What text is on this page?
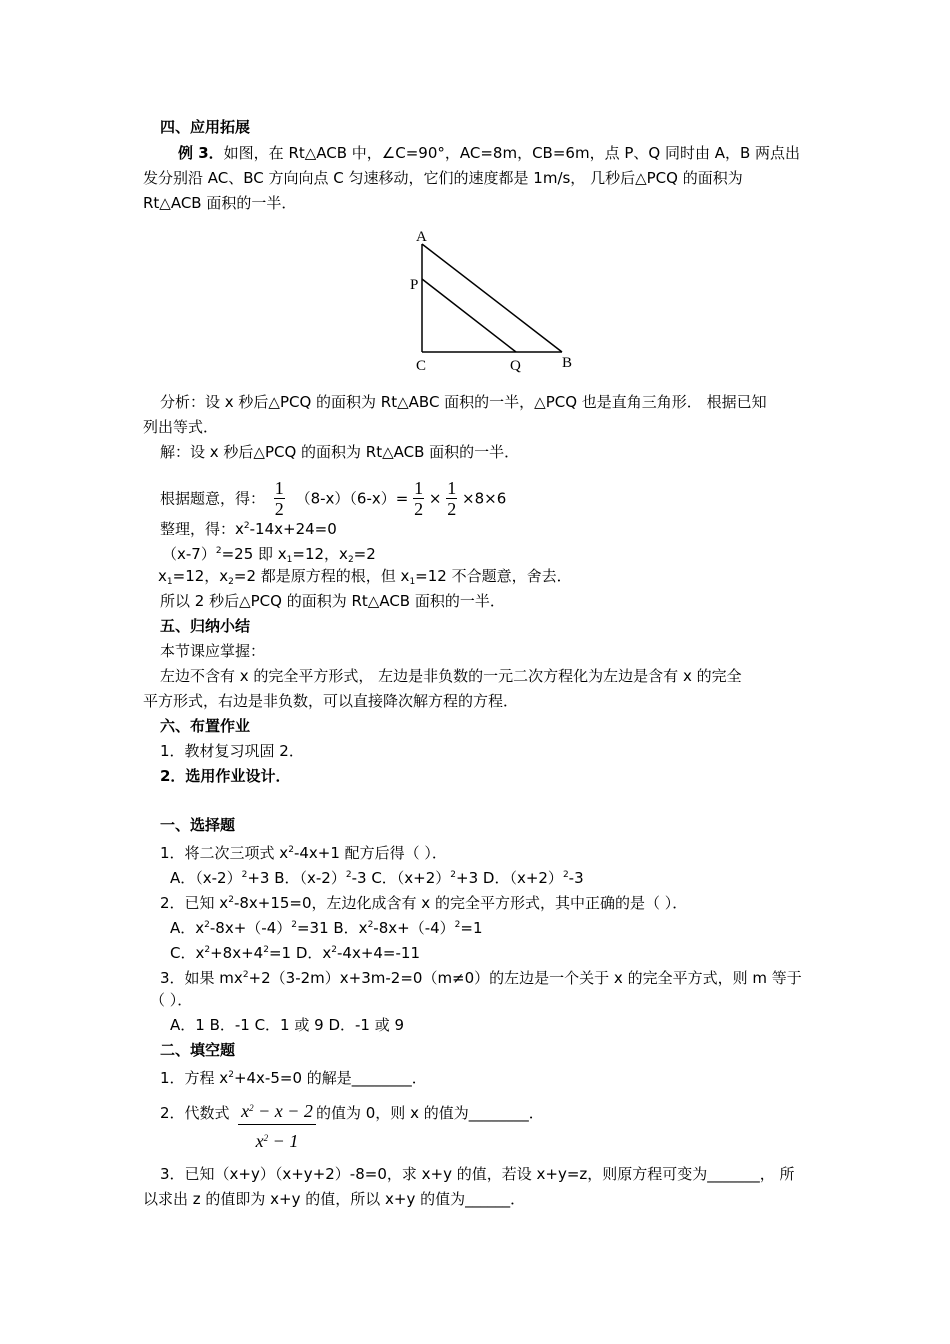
四、应用拓展
例 3．如图，在 Rt△ACB 中，∠C=90°，AC=8m，CB=6m，点 P、Q 同时由 A，B 两点出
发分别沿 AC、BC 方向向点 C 匀速移动，它们的速度都是 1m/s， 几秒后△PCQ 的面积为
Rt△ACB 面积的一半．
A
P
C	Q	B
分析：设 x 秒后△PCQ 的面积为 Rt△ABC 面积的一半，△PCQ 也是直角三角形． 根据已知
列出等式．
解：设 x 秒后△PCQ 的面积为 Rt△ACB 面积的一半．
根据题意，得： $\frac{1}{2} (8-x)(6-x)= \frac{1}{2} \times \frac{1}{2} \times 8\times 6$
整理，得：$x^2-14x+24=0$
$(x-7)^2=25$ 即 $x_1=12$，$x_2=2$
$x_1=12$，$x_2=2$ 都是原方程的根，但 $x_1=12$ 不合题意，舍去．
所以 2 秒后△PCQ 的面积为 Rt△ACB 面积的一半．
五、归纳小结
本节课应掌握：
左边不含有 x 的完全平方形式， 左边是非负数的一元二次方程化为左边是含有 x 的完全
平方形式，右边是非负数，可以直接降次解方程的方程．
六、布置作业
1．教材复习巩固 2．
2．选用作业设计．
一、选择题
1．将二次三项式 $x^2-4x+1$ 配方后得（ ）．
A．$(x-2)^2+3$ B．$(x-2)^2-3$ C．$(x+2)^2+3$ D．$(x+2)^2-3$
2．已知 $x^2-8x+15=0$，左边化成含有 x 的完全平方形式，其中正确的是（ ）．
A．$x^2-8x+(-4)^2=31$ B．$x^2-8x+(-4)^2=1$
C．$x^2+8x+4^2=1$ D．$x^2-4x+4=-11$
3．如果 $mx^2+2(3-2m)x+3m-2=0(m\ne 0)$的左边是一个关于 x 的完全平方式，则 m 等于
（ ）．
A．1 B．-1 C．1 或 9 D．-1 或 9
二、填空题
1．方程 $x^2+4x-5=0$ 的解是________．
2．代数式 $\frac{x^2 - x - 2}{x^2 - 1}$ 的值为 0，则 x 的值为________．
3．已知（x+y）（x+y+2）-8=0，求 x+y 的值，若设 x+y=z，则原方程可变为_______， 所
以求出 z 的值即为 x+y 的值，所以 x+y 的值为______．
